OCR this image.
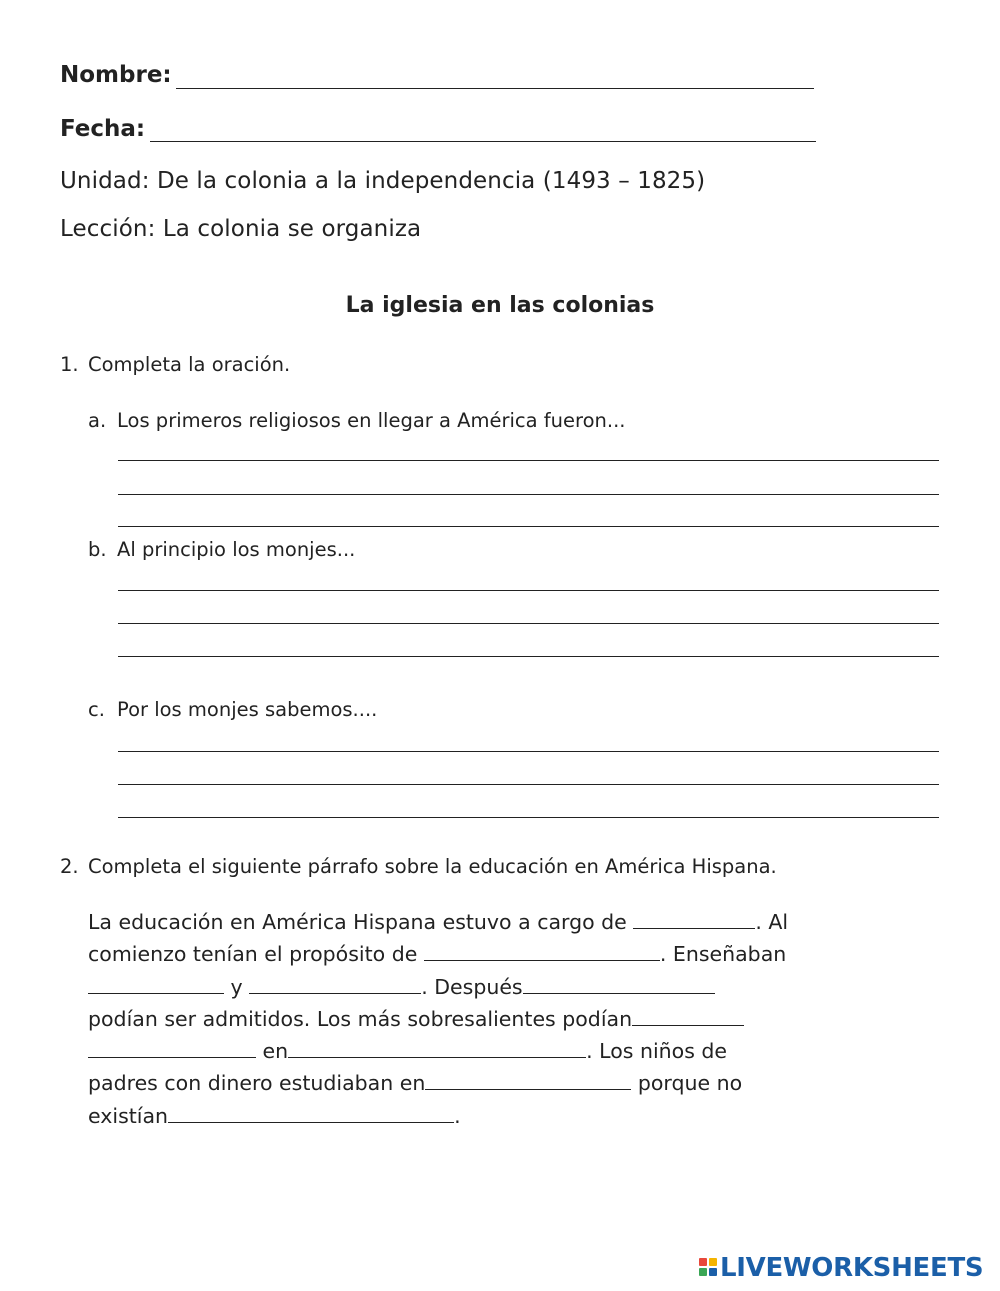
Nombre:
Fecha:
Unidad: De la colonia a la independencia (1493 – 1825)
Lección: La colonia se organiza
La iglesia en las colonias
1. Completa la oración.
a. Los primeros religiosos en llegar a América fueron...
b. Al principio los monjes...
c. Por los monjes sabemos....
2. Completa el siguiente párrafo sobre la educación en América Hispana.
La educación en América Hispana estuvo a cargo de	. Al
comienzo tenían el propósito de	. Enseñaban
y	. Después
podían ser admitidos. Los más sobresalientes podían
en	. Los niños de
padres con dinero estudiaban en	porque no
existían	.
LIVEWORKSHEETS
